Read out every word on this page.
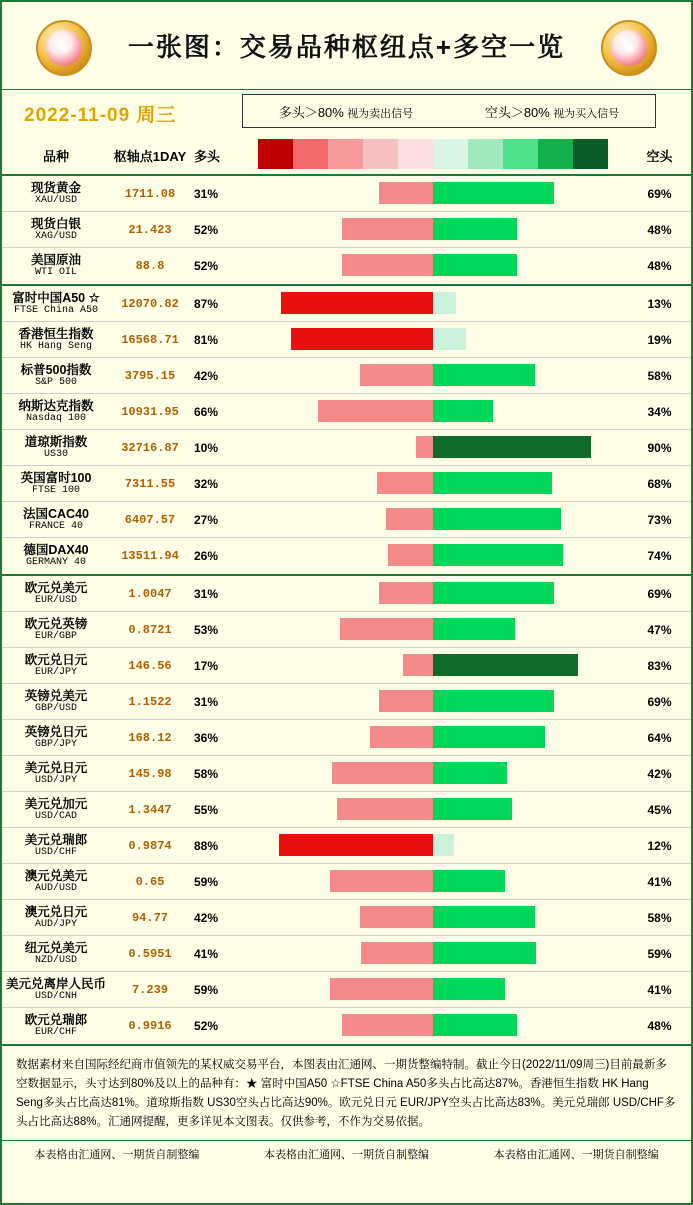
港	一张图：交易品种枢纽点+多空一览	港
2022-11-09 周三	多头＞80% 视为卖出信号	空头＞80% 视为买入信号
品种	枢轴点1DAY 多头	空头
现货黄金
XAU/USD	1711.08	31%	69%
现货白银
XAG/USD	21.423	52%	48%
美国原油
WTI OIL	88.8	52%	48%
富时中国A50 ☆
FTSE China A50	12070.82	87%	13%
香港恒生指数
HK Hang Seng	16568.71	81%	19%
标普500指数
S&P 500	3795.15	42%	58%
纳斯达克指数
Nasdaq 100	10931.95	66%	34%
道琼斯指数
US30	32716.87	10%	90%
英国富时100
FTSE 100	7311.55	32%	68%
法国CAC40
FRANCE 40	6407.57	27%	73%
德国DAX40
GERMANY 40	13511.94	26%	74%
欧元兑美元
EUR/USD	1.0047	31%	69%
欧元兑英镑
EUR/GBP	0.8721	53%	47%
欧元兑日元
EUR/JPY	146.56	17%	83%
英镑兑美元
GBP/USD	1.1522	31%	69%
英镑兑日元
GBP/JPY	168.12	36%	64%
美元兑日元
USD/JPY	145.98	58%	42%
美元兑加元
USD/CAD	1.3447	55%	45%
美元兑瑞郎
USD/CHF	0.9874	88%	12%
澳元兑美元
AUD/USD	0.65	59%	41%
澳元兑日元
AUD/JPY	94.77	42%	58%
纽元兑美元
NZD/USD	0.5951	41%	59%
美元兑离岸人民币
USD/CNH	7.239	59%	41%
欧元兑瑞郎
EUR/CHF	0.9916	52%	48%
数据素材来自国际经纪商市值领先的某权威交易平台，本图表由汇通网、一期货整编特制。截止今日(2022/11/09周三)目前最新多空数据显示，头寸达到80%及以上的品种有：★ 富时中国A50 ☆FTSE China A50多头占比高达87%。香港恒生指数 HK Hang Seng多头占比高达81%。道琼斯指数 US30空头占比高达90%。欧元兑日元 EUR/JPY空头占比高达83%。美元兑瑞郎 USD/CHF多头占比高达88%。汇通网提醒，更多详见本文图表。仅供参考，不作为交易依据。
本表格由汇通网、一期货自制整编	本表格由汇通网、一期货自制整编	本表格由汇通网、一期货自制整编
